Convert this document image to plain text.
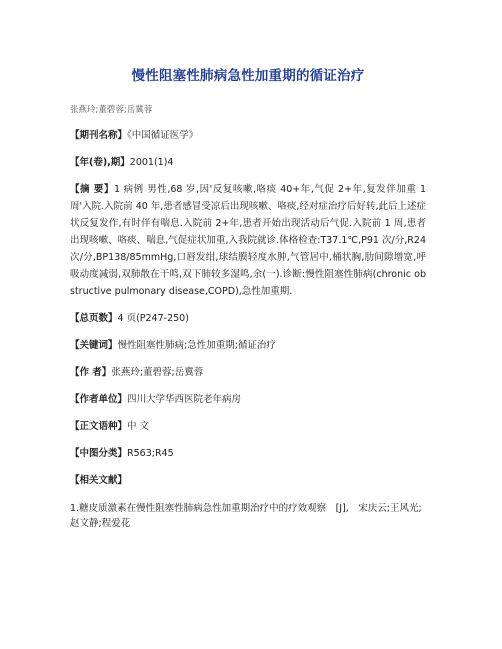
慢性阻塞性肺病急性加重期的循证治疗
张燕玲;董碧蓉;岳冀蓉
【期刊名称】《中国循证医学》
【年(卷),期】2001(1)4
【摘 要】1 病例 男性,68 岁,因'反复咳嗽,咯痰 40+年,气促 2+年,复发伴加重 1 周'入院.入院前 40 年,患者感冒受凉后出现咳嗽、咯痰,经对症治疗后好转,此后上述症状反复发作,有时伴有喘息.入院前 2+年,患者开始出现活动后气促.入院前 1 周,患者出现咳嗽、咯痰、喘息,气促症状加重,入我院就诊.体格检查:T37.1℃,P91 次/分,R24 次/分,BP138/85mmHg,口唇发绀,球结膜轻度水肿,气管居中,桶状胸,肋间隙增宽,呼吸动度减弱,双肺散在干鸣,双下肺较多湿鸣,余(一).诊断:慢性阻塞性肺病(chronic obstructive pulmonary disease,COPD),急性加重期.
【总页数】4 页(P247-250)
【关键词】慢性阻塞性肺病;急性加重期;循证治疗
【作 者】张燕玲;董碧蓉;岳冀蓉
【作者单位】四川大学华西医院老年病房
【正文语种】中 文
【中图分类】R563;R45
【相关文献】

1.糖皮质激素在慢性阻塞性肺病急性加重期治疗中的疗效观察　[J],　宋庆云;王风光;赵文静;程爱花
